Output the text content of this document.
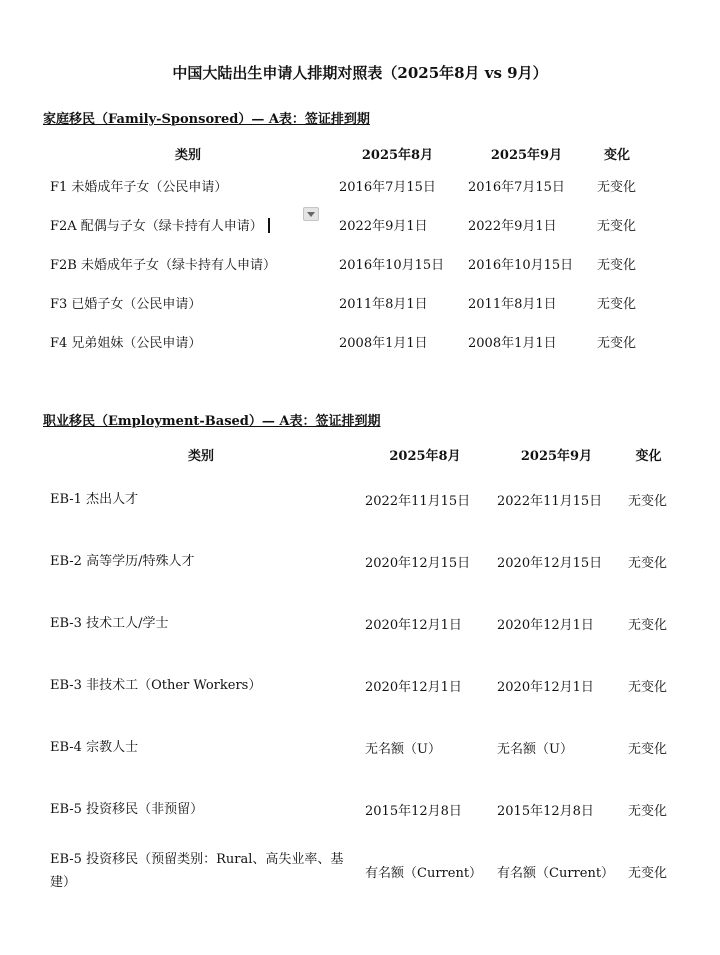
中国大陆出生申请人排期对照表（2025年8月 vs 9月）
家庭移民（Family-Sponsored）— A表：签证排到期
类别	2025年8月	2025年9月	变化
F1 未婚成年子女（公民申请）	2016年7月15日	2016年7月15日	无变化

F2A 配偶与子女（绿卡持有人申请）	2022年9月1日	2022年9月1日	无变化
F2B 未婚成年子女（绿卡持有人申请）	2016年10月15日	2016年10月15日	无变化
F3 已婚子女（公民申请）	2011年8月1日	2011年8月1日	无变化
F4 兄弟姐妹（公民申请）	2008年1月1日	2008年1月1日	无变化
职业移民（Employment-Based）— A表：签证排到期
类别	2025年8月	2025年9月	变化
EB-1 杰出人才	2022年11月15日	2022年11月15日	无变化
EB-2 高等学历/特殊人才	2020年12月15日	2020年12月15日	无变化
EB-3 技术工人/学士	2020年12月1日	2020年12月1日	无变化
EB-3 非技术工（Other Workers）	2020年12月1日	2020年12月1日	无变化
EB-4 宗教人士	无名额（U）	无名额（U）	无变化
EB-5 投资移民（非预留）	2015年12月8日	2015年12月8日	无变化
EB-5 投资移民（预留类别：Rural、高失业率、基建）	有名额（Current）	有名额（Current）	无变化
